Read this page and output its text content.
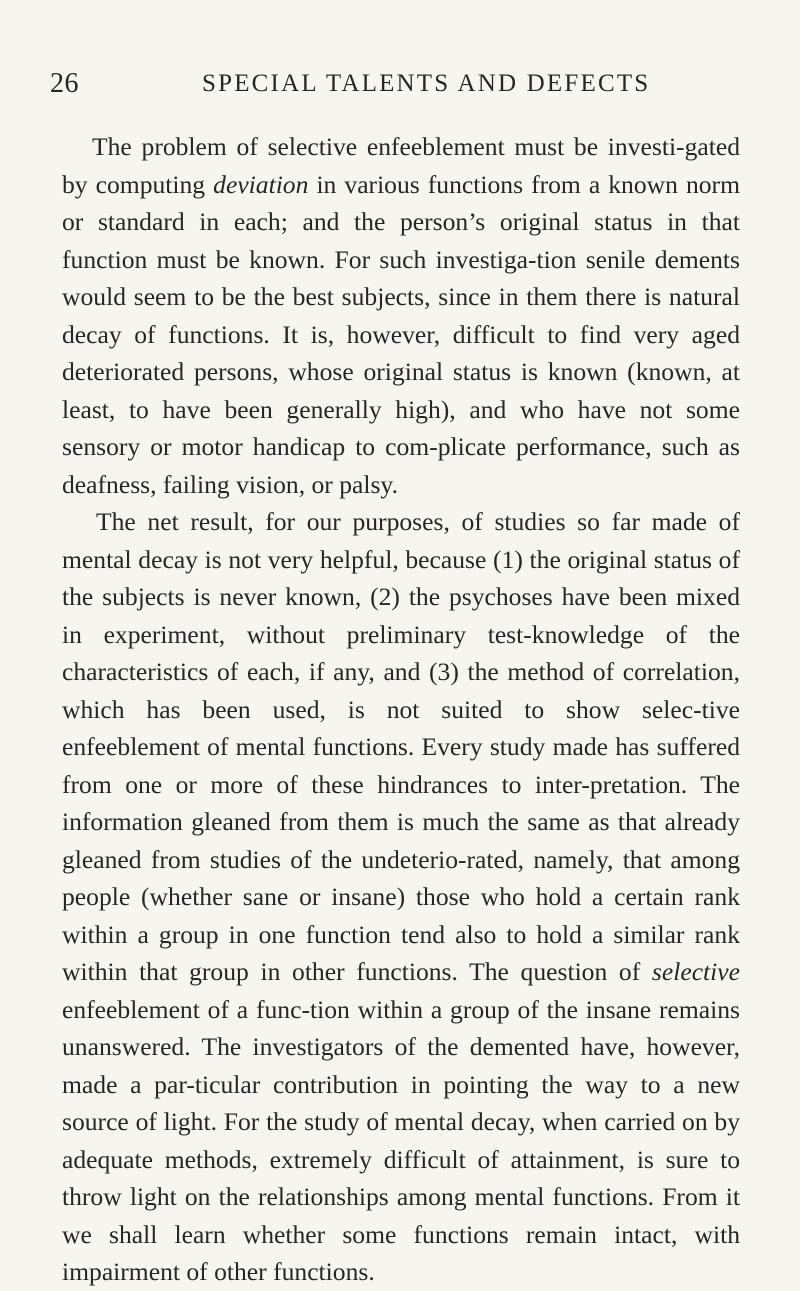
26	SPECIAL TALENTS AND DEFECTS

The problem of selective enfeeblement must be investi-gated by computing deviation in various functions from a known norm or standard in each; and the person’s original status in that function must be known. For such investiga-tion senile dements would seem to be the best subjects, since in them there is natural decay of functions. It is, however, difficult to find very aged deteriorated persons, whose original status is known (known, at least, to have been generally high), and who have not some sensory or motor handicap to com-plicate performance, such as deafness, failing vision, or palsy.

The net result, for our purposes, of studies so far made of mental decay is not very helpful, because (1) the original status of the subjects is never known, (2) the psychoses have been mixed in experiment, without preliminary test-knowledge of the characteristics of each, if any, and (3) the method of correlation, which has been used, is not suited to show selec-tive enfeeblement of mental functions. Every study made has suffered from one or more of these hindrances to inter-pretation. The information gleaned from them is much the same as that already gleaned from studies of the undeterio-rated, namely, that among people (whether sane or insane) those who hold a certain rank within a group in one function tend also to hold a similar rank within that group in other functions. The question of selective enfeeblement of a func-tion within a group of the insane remains unanswered. The investigators of the demented have, however, made a par-ticular contribution in pointing the way to a new source of light. For the study of mental decay, when carried on by adequate methods, extremely difficult of attainment, is sure to throw light on the relationships among mental functions. From it we shall learn whether some functions remain intact, with impairment of other functions.
